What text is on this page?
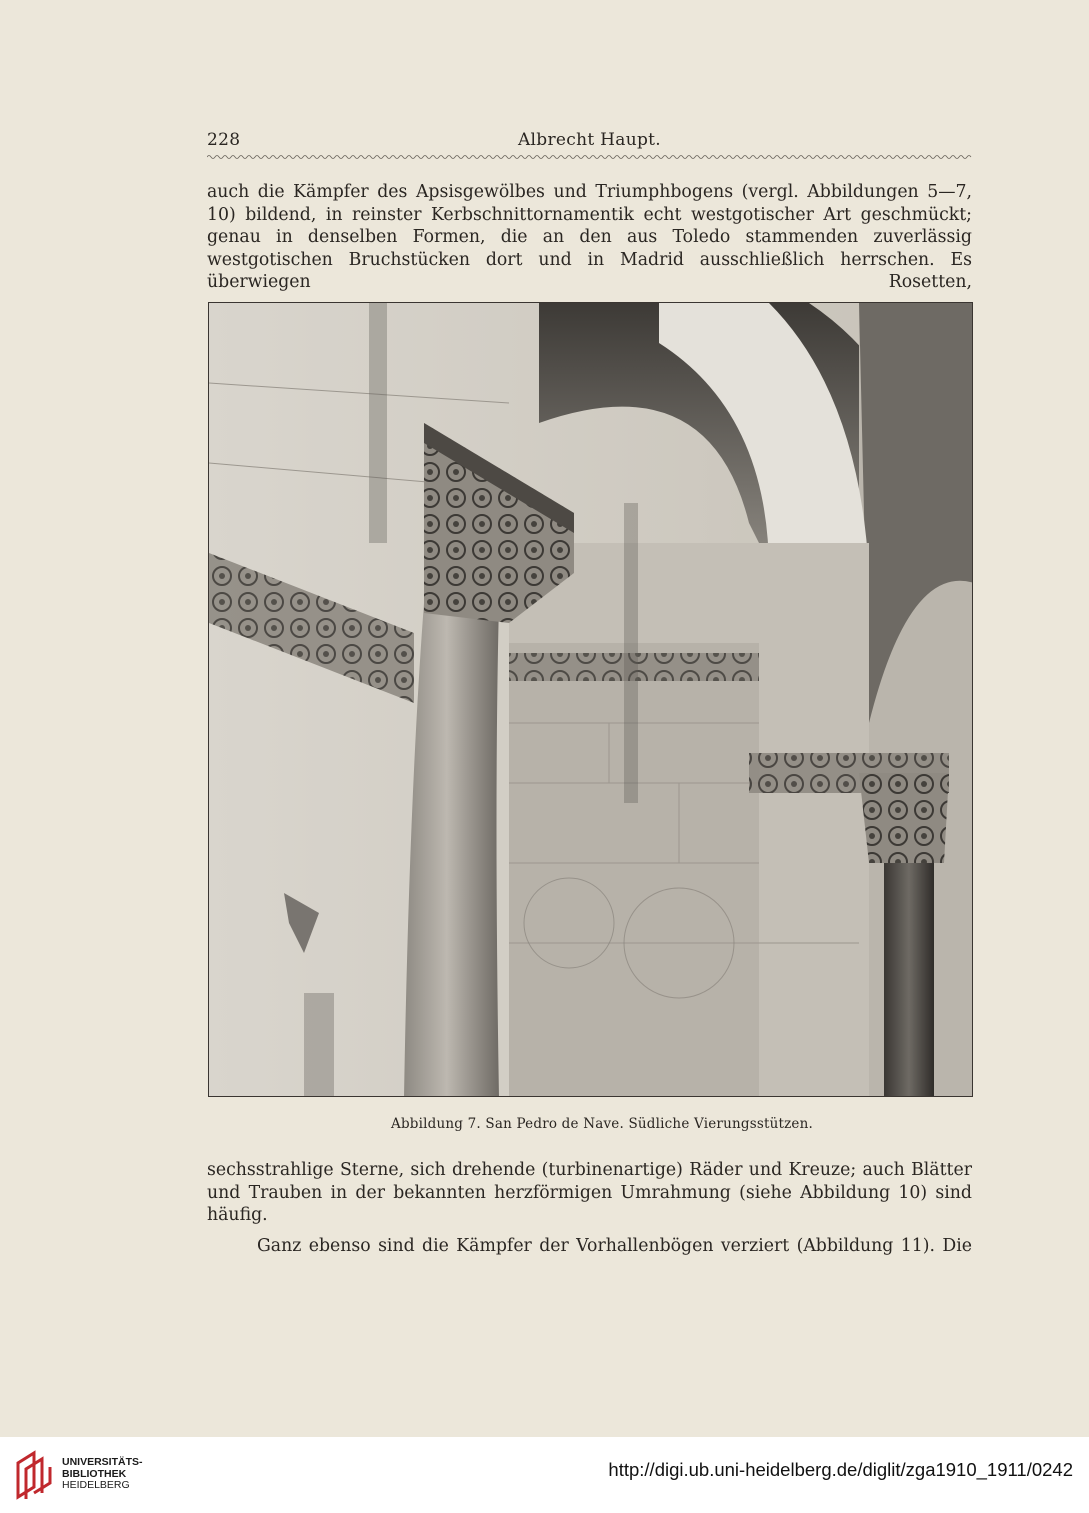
228	Albrecht Haupt.

auch die Kämpfer des Apsisgewölbes und Triumphbogens (vergl. Abbildungen 5—7, 10) bildend, in reinster Kerbschnittornamentik echt westgotischer Art geschmückt; genau in denselben Formen, die an den aus Toledo stammenden zuverlässig westgotischen Bruchstücken dort und in Madrid ausschließlich herrschen. Es überwiegen Rosetten,

Abbildung 7. San Pedro de Nave. Südliche Vierungsstützen.

sechsstrahlige Sterne, sich drehende (turbinenartige) Räder und Kreuze; auch Blätter und Trauben in der bekannten herzförmigen Umrahmung (siehe Abbildung 10) sind häufig.

Ganz ebenso sind die Kämpfer der Vorhallenbögen verziert (Abbildung 11). Die

UNIVERSITÄTS-
BIBLIOTHEK
HEIDELBERG
http://digi.ub.uni-heidelberg.de/diglit/zga1910_1911/0242
